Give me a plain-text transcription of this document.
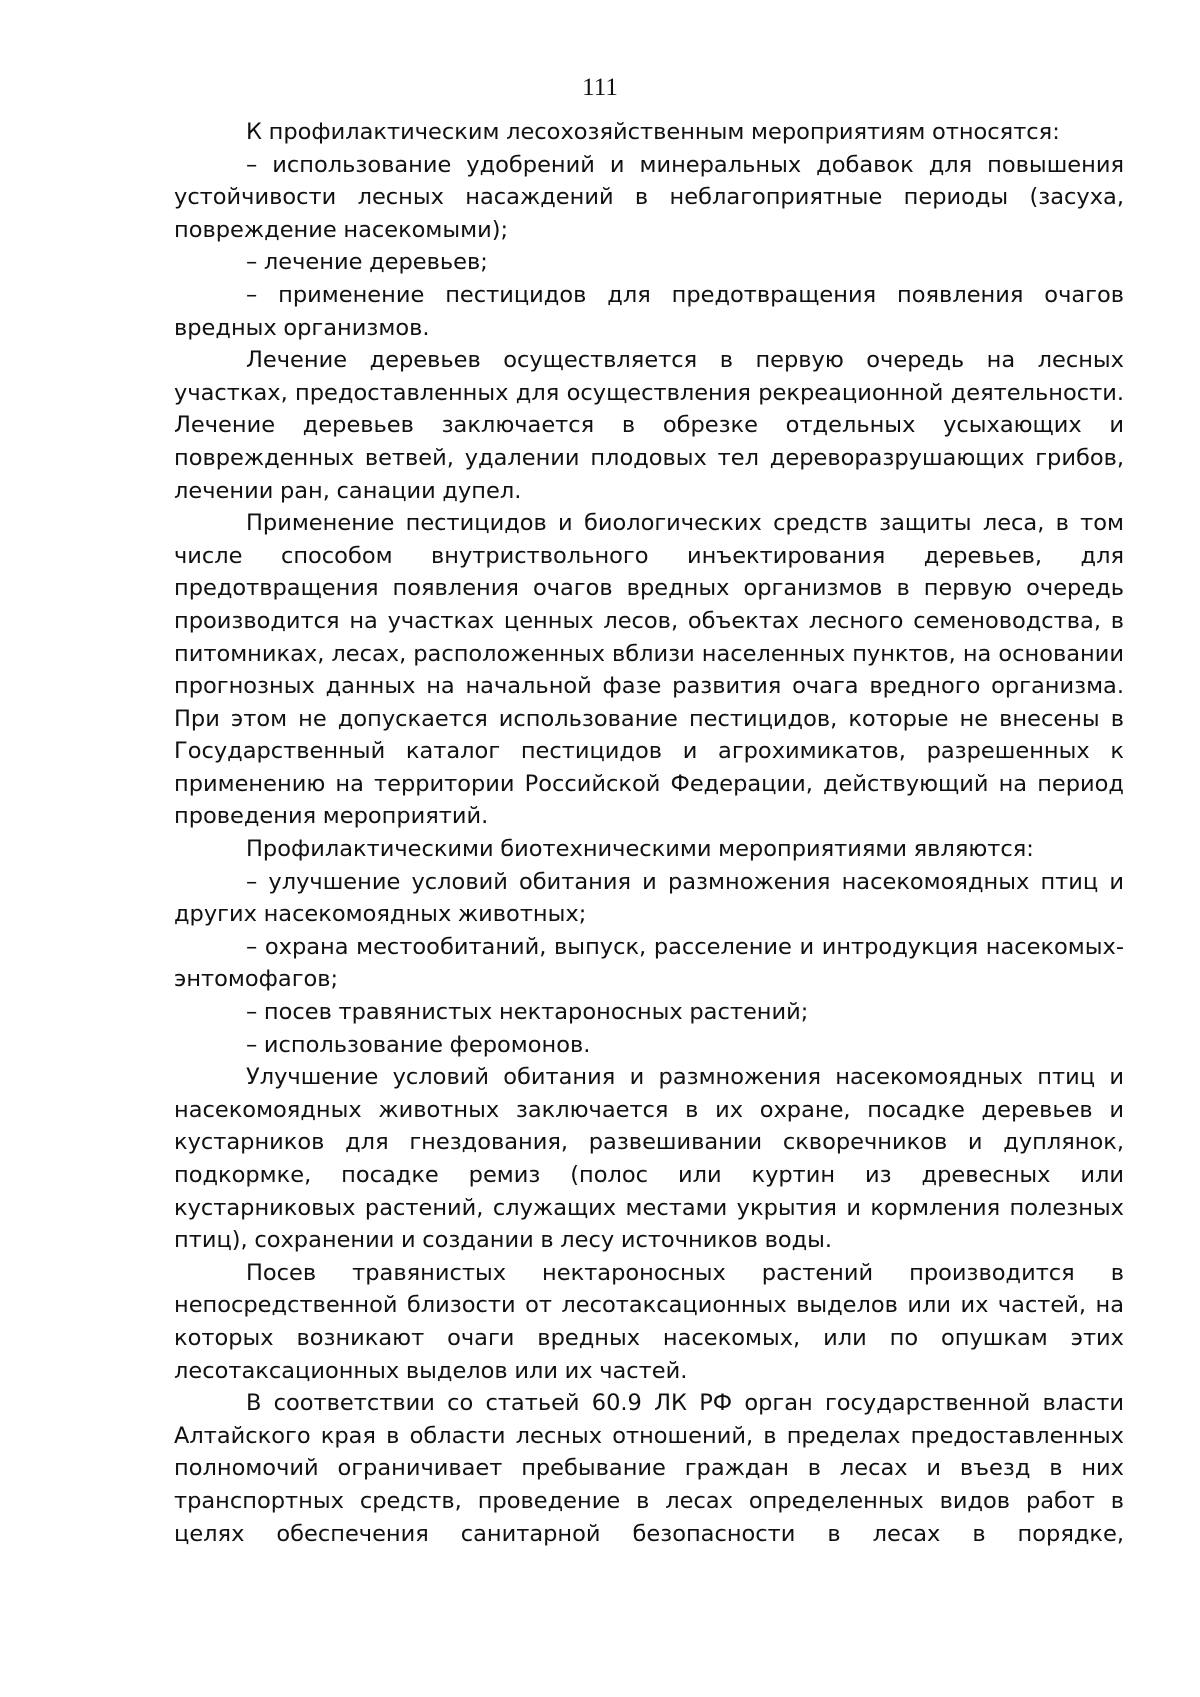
111

К профилактическим лесохозяйственным мероприятиям относятся:

– использование удобрений и минеральных добавок для повышения устойчивости лесных насаждений в неблагоприятные периоды (засуха, повреждение насекомыми);

– лечение деревьев;

– применение пестицидов для предотвращения появления очагов вредных организмов.

Лечение деревьев осуществляется в первую очередь на лесных участках, предоставленных для осуществления рекреационной деятельности. Лечение деревьев заключается в обрезке отдельных усыхающих и поврежденных ветвей, удалении плодовых тел дереворазрушающих грибов, лечении ран, санации дупел.

Применение пестицидов и биологических средств защиты леса, в том числе способом внутриствольного инъектирования деревьев, для предотвращения появления очагов вредных организмов в первую очередь производится на участках ценных лесов, объектах лесного семеноводства, в питомниках, лесах, расположенных вблизи населенных пунктов, на основании прогнозных данных на начальной фазе развития очага вредного организма. При этом не допускается использование пестицидов, которые не внесены в Государственный каталог пестицидов и агрохимикатов, разрешенных к применению на территории Российской Федерации, действующий на период проведения мероприятий.

Профилактическими биотехническими мероприятиями являются:

– улучшение условий обитания и размножения насекомоядных птиц и других насекомоядных животных;

– охрана местообитаний, выпуск, расселение и интродукция насекомых-энтомофагов;

– посев травянистых нектароносных растений;

– использование феромонов.

Улучшение условий обитания и размножения насекомоядных птиц и насекомоядных животных заключается в их охране, посадке деревьев и кустарников для гнездования, развешивании скворечников и дуплянок, подкормке, посадке ремиз (полос или куртин из древесных или кустарниковых растений, служащих местами укрытия и кормления полезных птиц), сохранении и создании в лесу источников воды.

Посев травянистых нектароносных растений производится в непосредственной близости от лесотаксационных выделов или их частей, на которых возникают очаги вредных насекомых, или по опушкам этих лесотаксационных выделов или их частей.

В соответствии со статьей 60.9 ЛК РФ орган государственной власти Алтайского края в области лесных отношений, в пределах предоставленных полномочий ограничивает пребывание граждан в лесах и въезд в них транспортных средств, проведение в лесах определенных видов работ в целях обеспечения санитарной безопасности в лесах в порядке,
